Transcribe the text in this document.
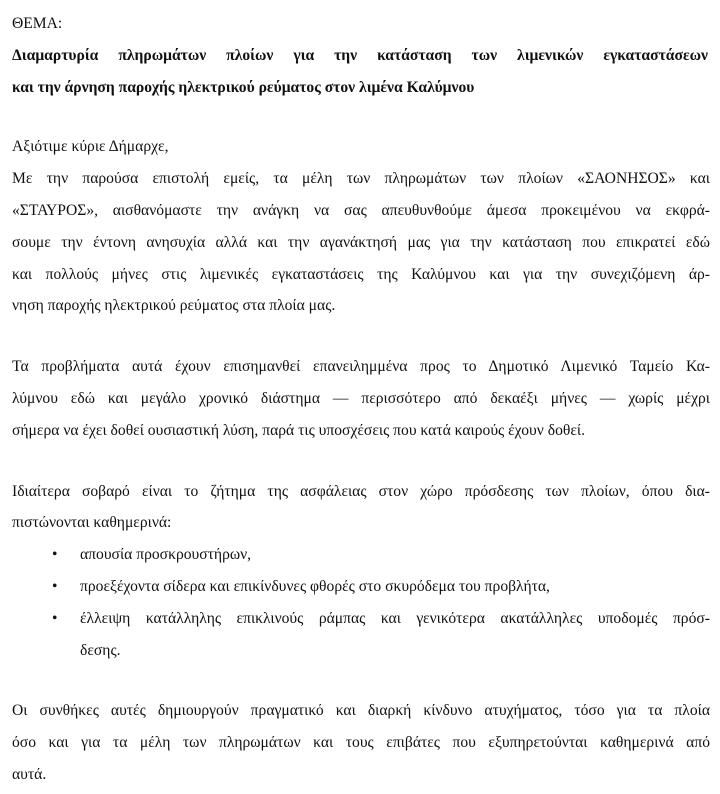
ΘΕΜΑ:

Διαμαρτυρία πληρωμάτων πλοίων για την κατάσταση των λιμενικών εγκαταστάσεων
και την άρνηση παροχής ηλεκτρικού ρεύματος στον λιμένα Καλύμνου

Αξιότιμε κύριε Δήμαρχε,

Με την παρούσα επιστολή εμείς, τα μέλη των πληρωμάτων των πλοίων «ΣΑΟΝΗΣΟΣ» και
«ΣΤΑΥΡΟΣ», αισθανόμαστε την ανάγκη να σας απευθυνθούμε άμεσα προκειμένου να εκφρά-
σουμε την έντονη ανησυχία αλλά και την αγανάκτησή μας για την κατάσταση που επικρατεί εδώ
και πολλούς μήνες στις λιμενικές εγκαταστάσεις της Καλύμνου και για την συνεχιζόμενη άρ-
νηση παροχής ηλεκτρικού ρεύματος στα πλοία μας.
Τα προβλήματα αυτά έχουν επισημανθεί επανειλημμένα προς το Δημοτικό Λιμενικό Ταμείο Κα-
λύμνου εδώ και μεγάλο χρονικό διάστημα — περισσότερο από δεκαέξι μήνες — χωρίς μέχρι
σήμερα να έχει δοθεί ουσιαστική λύση, παρά τις υποσχέσεις που κατά καιρούς έχουν δοθεί.
Ιδιαίτερα σοβαρό είναι το ζήτημα της ασφάλειας στον χώρο πρόσδεσης των πλοίων, όπου δια-
πιστώνονται καθημερινά:
• απουσία προσκρουστήρων,
• προεξέχοντα σίδερα και επικίνδυνες φθορές στο σκυρόδεμα του προβλήτα,
• έλλειψη κατάλληλης επικλινούς ράμπας και γενικότερα ακατάλληλες υποδομές πρόσ-
δεσης.
Οι συνθήκες αυτές δημιουργούν πραγματικό και διαρκή κίνδυνο ατυχήματος, τόσο για τα πλοία
όσο και για τα μέλη των πληρωμάτων και τους επιβάτες που εξυπηρετούνται καθημερινά από
αυτά.
